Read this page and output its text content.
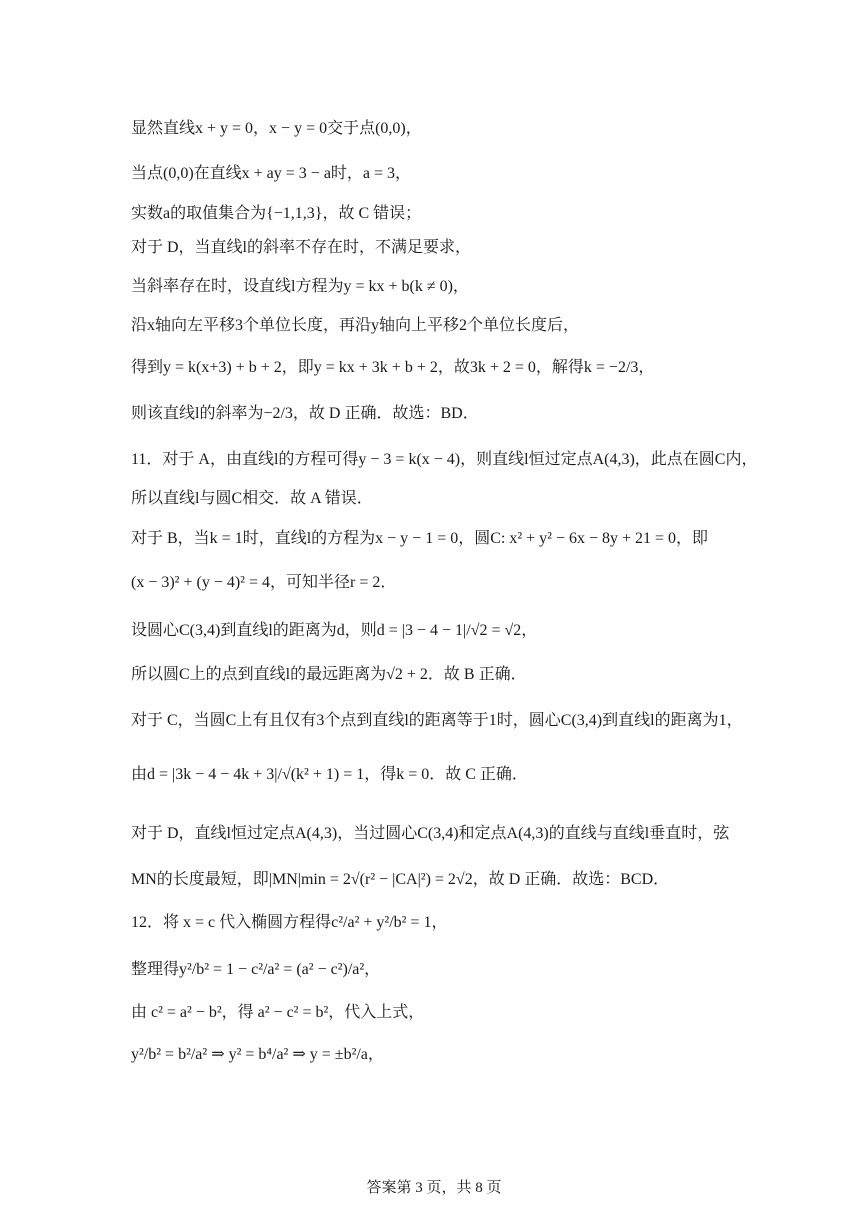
显然直线x + y = 0，x − y = 0交于点(0,0)，
当点(0,0)在直线x + ay = 3 − a时，a = 3，
实数a的取值集合为{−1,1,3}，故 C 错误；
对于 D，当直线l的斜率不存在时，不满足要求，
当斜率存在时，设直线l方程为y = kx + b(k ≠ 0)，
沿x轴向左平移3个单位长度，再沿y轴向上平移2个单位长度后，
得到y = k(x+3) + b + 2，即y = kx + 3k + b + 2，故3k + 2 = 0，解得k = −2/3，
则该直线l的斜率为−2/3，故 D 正确．故选：BD．
11．对于 A，由直线l的方程可得y − 3 = k(x − 4)，则直线l恒过定点A(4,3)，此点在圆C内，
所以直线l与圆C相交．故 A 错误．
对于 B，当k = 1时，直线l的方程为x − y − 1 = 0，圆C: x² + y² − 6x − 8y + 21 = 0，即
(x − 3)² + (y − 4)² = 4，可知半径r = 2．
设圆心C(3,4)到直线l的距离为d，则d = |3 − 4 − 1|/√2 = √2，
所以圆C上的点到直线l的最远距离为√2 + 2．故 B 正确．
对于 C，当圆C上有且仅有3个点到直线l的距离等于1时，圆心C(3,4)到直线l的距离为1，
由d = |3k − 4 − 4k + 3|/√(k² + 1) = 1，得k = 0．故 C 正确．
对于 D，直线l恒过定点A(4,3)，当过圆心C(3,4)和定点A(4,3)的直线与直线l垂直时，弦
MN的长度最短，即|MN|min = 2√(r² − |CA|²) = 2√2，故 D 正确．故选：BCD．
12．将 x = c 代入椭圆方程得c²/a² + y²/b² = 1，
整理得y²/b² = 1 − c²/a² = (a² − c²)/a²，
由 c² = a² − b²，得 a² − c² = b²，代入上式，
y²/b² = b²/a² ⇒ y² = b⁴/a² ⇒ y = ±b²/a，
答案第 3 页，共 8 页
